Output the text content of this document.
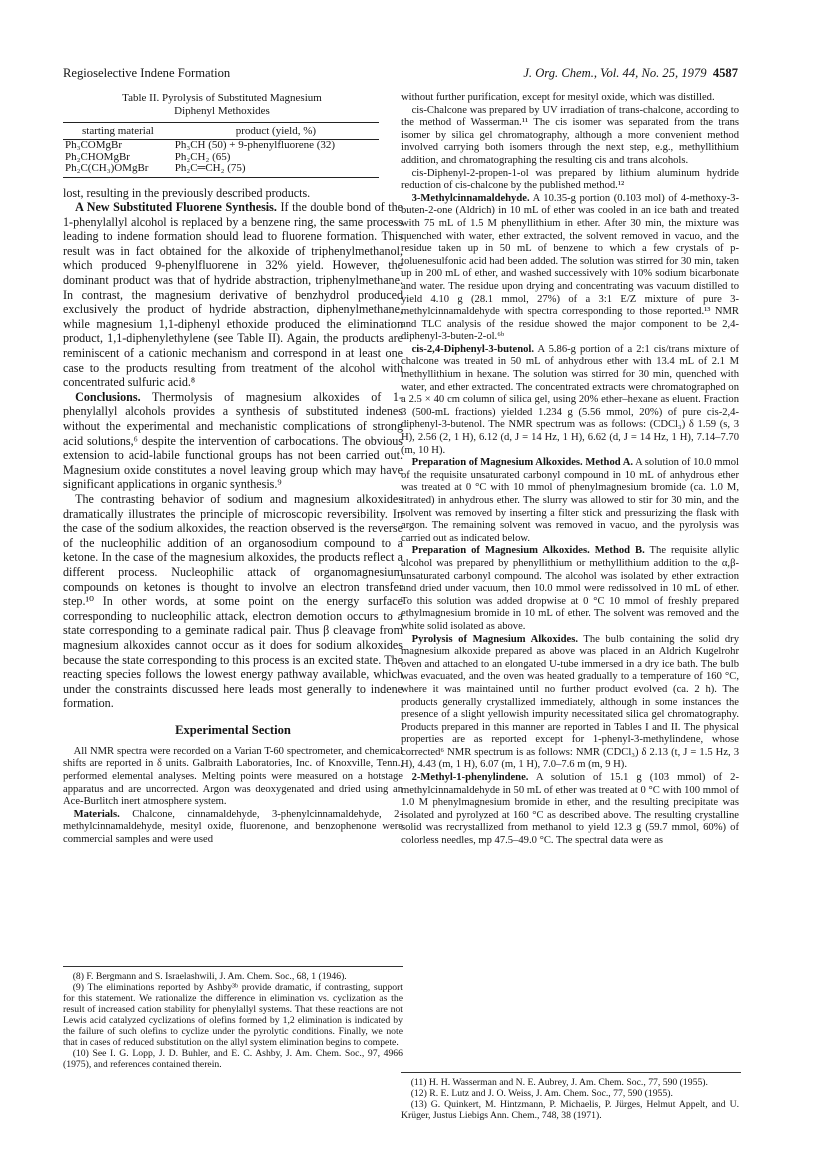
Regioselective Indene Formation	J. Org. Chem., Vol. 44, No. 25, 1979 4587
Table II. Pyrolysis of Substituted Magnesium
Diphenyl Methoxides
starting material	product (yield, %)
Ph₃COMgBr	Ph₃CH (50) + 9-phenylfluorene (32)
Ph₂CHOMgBr	Ph₂CH₂ (65)
Ph₂C(CH₃)OMgBr	Ph₂C═CH₂ (75)

lost, resulting in the previously described products.

A New Substituted Fluorene Synthesis. If the double bond of the 1-phenylallyl alcohol is replaced by a benzene ring, the same process leading to indene formation should lead to fluorene formation. This result was in fact obtained for the alkoxide of triphenylmethanol, which produced 9-phenylfluorene in 32% yield. However, the dominant product was that of hydride abstraction, triphenylmethane. In contrast, the magnesium derivative of benzhydrol produced exclusively the product of hydride abstraction, diphenylmethane, while magnesium 1,1-diphenyl ethoxide produced the elimination product, 1,1-diphenylethylene (see Table II). Again, the products are reminiscent of a cationic mechanism and correspond in at least one case to the products resulting from treatment of the alcohol with concentrated sulfuric acid.⁸

Conclusions. Thermolysis of magnesium alkoxides of 1-phenylallyl alcohols provides a synthesis of substituted indenes without the experimental and mechanistic complications of strong acid solutions,⁶ despite the intervention of carbocations. The obvious extension to acid-labile functional groups has not been carried out. Magnesium oxide constitutes a novel leaving group which may have significant applications in organic synthesis.⁹

The contrasting behavior of sodium and magnesium alkoxides dramatically illustrates the principle of microscopic reversibility. In the case of the sodium alkoxides, the reaction observed is the reverse of the nucleophilic addition of an organosodium compound to a ketone. In the case of the magnesium alkoxides, the products reflect a different process. Nucleophilic attack of organomagnesium compounds on ketones is thought to involve an electron transfer step.¹⁰ In other words, at some point on the energy surface corresponding to nucleophilic attack, electron demotion occurs to a state corresponding to a geminate radical pair. Thus β cleavage from magnesium alkoxides cannot occur as it does for sodium alkoxides because the state corresponding to this process is an excited state. The reacting species follows the lowest energy pathway available, which under the constraints discussed here leads most generally to indene formation.

Experimental Section

All NMR spectra were recorded on a Varian T-60 spectrometer, and chemical shifts are reported in δ units. Galbraith Laboratories, Inc. of Knoxville, Tenn., performed elemental analyses. Melting points were measured on a hotstage apparatus and are uncorrected. Argon was deoxygenated and dried using an Ace-Burlitch inert atmosphere system.

Materials. Chalcone, cinnamaldehyde, 3-phenylcinnamaldehyde, 2-methylcinnamaldehyde, mesityl oxide, fluorenone, and benzophenone were commercial samples and were used

(8) F. Bergmann and S. Israelashwili, J. Am. Chem. Soc., 68, 1 (1946).

(9) The eliminations reported by Ashby³ᵇ provide dramatic, if contrasting, support for this statement. We rationalize the difference in elimination vs. cyclization as the result of increased cation stability for phenylallyl systems. That these reactions are not Lewis acid catalyzed cyclizations of olefins formed by 1,2 elimination is indicated by the failure of such olefins to cyclize under the pyrolytic conditions. Finally, we note that in cases of reduced substitution on the allyl system elimination begins to compete.

(10) See I. G. Lopp, J. D. Buhler, and E. C. Ashby, J. Am. Chem. Soc., 97, 4966 (1975), and references contained therein.

without further purification, except for mesityl oxide, which was distilled.

cis-Chalcone was prepared by UV irradiation of trans-chalcone, according to the method of Wasserman.¹¹ The cis isomer was separated from the trans isomer by silica gel chromatography, although a more convenient method involved carrying both isomers through the next step, e.g., methyllithium addition, and chromatographing the resulting cis and trans alcohols.

cis-Diphenyl-2-propen-1-ol was prepared by lithium aluminum hydride reduction of cis-chalcone by the published method.¹²

3-Methylcinnamaldehyde. A 10.35-g portion (0.103 mol) of 4-methoxy-3-buten-2-one (Aldrich) in 10 mL of ether was cooled in an ice bath and treated with 75 mL of 1.5 M phenyllithium in ether. After 30 min, the mixture was quenched with water, ether extracted, the solvent removed in vacuo, and the residue taken up in 50 mL of benzene to which a few crystals of p-toluenesulfonic acid had been added. The solution was stirred for 30 min, taken up in 200 mL of ether, and washed successively with 10% sodium bicarbonate and water. The residue upon drying and concentrating was vacuum distilled to yield 4.10 g (28.1 mmol, 27%) of a 3:1 E/Z mixture of pure 3-methylcinnamaldehyde with spectra corresponding to those reported.¹³ NMR and TLC analysis of the residue showed the major component to be 2,4-diphenyl-3-buten-2-ol.⁶ᵇ

cis-2,4-Diphenyl-3-butenol. A 5.86-g portion of a 2:1 cis/trans mixture of chalcone was treated in 50 mL of anhydrous ether with 13.4 mL of 2.1 M methyllithium in hexane. The solution was stirred for 30 min, quenched with water, and ether extracted. The concentrated extracts were chromatographed on a 2.5 × 40 cm column of silica gel, using 20% ether–hexane as eluent. Fraction 3 (500-mL fractions) yielded 1.234 g (5.56 mmol, 20%) of pure cis-2,4-diphenyl-3-butenol. The NMR spectrum was as follows: (CDCl₃) δ 1.59 (s, 3 H), 2.56 (2, 1 H), 6.12 (d, J = 14 Hz, 1 H), 6.62 (d, J = 14 Hz, 1 H), 7.14–7.70 (m, 10 H).

Preparation of Magnesium Alkoxides. Method A. A solution of 10.0 mmol of the requisite unsaturated carbonyl compound in 10 mL of anhydrous ether was treated at 0 °C with 10 mmol of phenylmagnesium bromide (ca. 1.0 M, titrated) in anhydrous ether. The slurry was allowed to stir for 30 min, and the solvent was removed by inserting a filter stick and pressurizing the flask with argon. The remaining solvent was removed in vacuo, and the pyrolysis was carried out as indicated below.

Preparation of Magnesium Alkoxides. Method B. The requisite allylic alcohol was prepared by phenyllithium or methyllithium addition to the α,β-unsaturated carbonyl compound. The alcohol was isolated by ether extraction and dried under vacuum, then 10.0 mmol were redissolved in 10 mL of ether. To this solution was added dropwise at 0 °C 10 mmol of freshly prepared ethylmagnesium bromide in 10 mL of ether. The solvent was removed and the white solid isolated as above.

Pyrolysis of Magnesium Alkoxides. The bulb containing the solid dry magnesium alkoxide prepared as above was placed in an Aldrich Kugelrohr oven and attached to an elongated U-tube immersed in a dry ice bath. The bulb was evacuated, and the oven was heated gradually to a temperature of 160 °C, where it was maintained until no further product evolved (ca. 2 h). The products generally crystallized immediately, although in some instances the presence of a slight yellowish impurity necessitated silica gel chromatography. Products prepared in this manner are reported in Tables I and II. The physical properties are as reported except for 1-phenyl-3-methylindene, whose corrected⁶ NMR spectrum is as follows: NMR (CDCl₃) δ 2.13 (t, J = 1.5 Hz, 3 H), 4.43 (m, 1 H), 6.07 (m, 1 H), 7.0–7.6 m (m, 9 H).

2-Methyl-1-phenylindene. A solution of 15.1 g (103 mmol) of 2-methylcinnamaldehyde in 50 mL of ether was treated at 0 °C with 100 mmol of 1.0 M phenylmagnesium bromide in ether, and the resulting precipitate was isolated and pyrolyzed at 160 °C as described above. The resulting crystalline solid was recrystallized from methanol to yield 12.3 g (59.7 mmol, 60%) of colorless needles, mp 47.5–49.0 °C. The spectral data were as

(11) H. H. Wasserman and N. E. Aubrey, J. Am. Chem. Soc., 77, 590 (1955).

(12) R. E. Lutz and J. O. Weiss, J. Am. Chem. Soc., 77, 590 (1955).

(13) G. Quinkert, M. Hintzmann, P. Michaelis, P. Jürges, Helmut Appelt, and U. Krüger, Justus Liebigs Ann. Chem., 748, 38 (1971).
